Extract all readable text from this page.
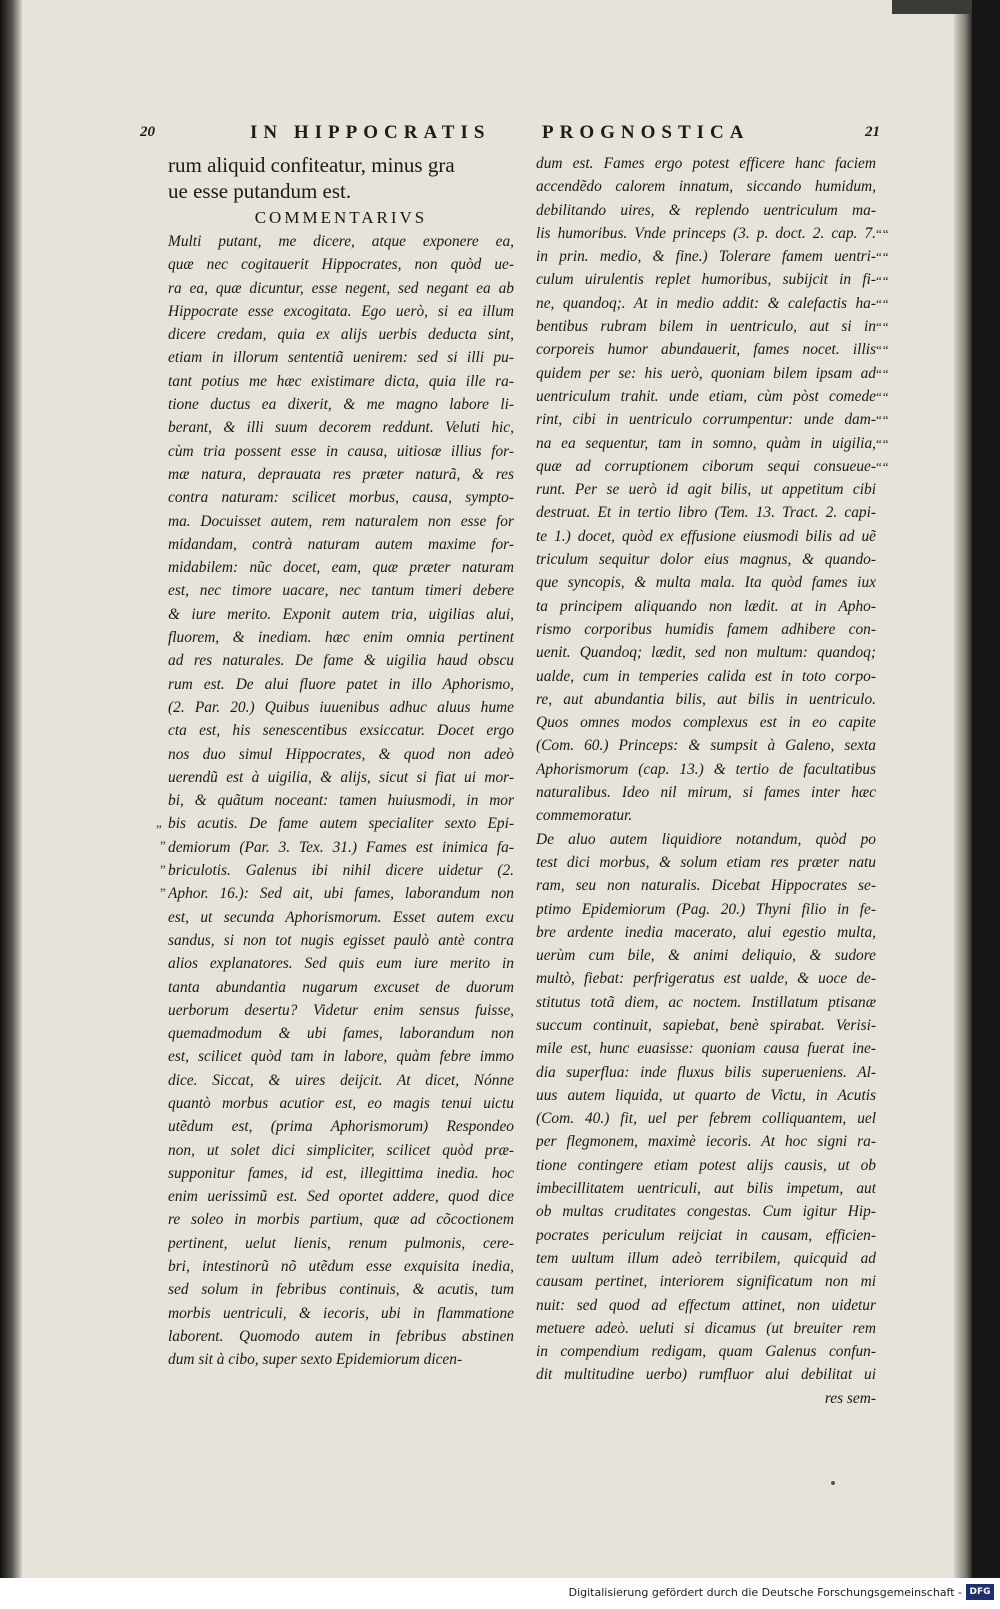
20	IN HIPPOCRATIS	PROGNOSTICA	21
rum aliquid confiteatur, minus gra
ue esse putandum est.
COMMENTARIVS
Multi putant, me dicere, atque exponere ea,
quæ nec cogitauerit Hippocrates, non quòd ue-
ra ea, quæ dicuntur, esse negent, sed negant ea ab
Hippocrate esse excogitata. Ego uerò, si ea illum
dicere credam, quia ex alijs uerbis deducta sint,
etiam in illorum sententiã uenirem: sed si illi pu-
tant potius me hæc existimare dicta, quia ille ra-
tione ductus ea dixerit, & me magno labore li-
berant, & illi suum decorem reddunt. Veluti hic,
cùm tria possent esse in causa, uitiosæ illius for-
mæ natura, deprauata res præter naturã, & res
contra naturam: scilicet morbus, causa, sympto-
ma. Docuisset autem, rem naturalem non esse for
midandam, contrà naturam autem maxime for-
midabilem: nũc docet, eam, quæ præter naturam
est, nec timore uacare, nec tantum timeri debere
& iure merito. Exponit autem tria, uigilias alui,
fluorem, & inediam. hæc enim omnia pertinent
ad res naturales. De fame & uigilia haud obscu
rum est. De alui fluore patet in illo Aphorismo,
(2. Par. 20.) Quibus iuuenibus adhuc aluus hume
cta est, his senescentibus exsiccatur. Docet ergo
nos duo simul Hippocrates, & quod non adeò
uerendũ est à uigilia, & alijs, sicut si fiat ui mor-
bi, & quãtum noceant: tamen huiusmodi, in mor
bis acutis. De fame autem specialiter sexto Epi-
demiorum (Par. 3. Tex. 31.) Fames est inimica fa-
briculotis. Galenus ibi nihil dicere uidetur (2.
Aphor. 16.): Sed ait, ubi fames, laborandum non
est, ut secunda Aphorismorum. Esset autem excu
sandus, si non tot nugis egisset paulò antè contra
alios explanatores. Sed quis eum iure merito in
tanta abundantia nugarum excuset de duorum
uerborum desertu? Videtur enim sensus fuisse,
quemadmodum & ubi fames, laborandum non
est, scilicet quòd tam in labore, quàm febre immo
dice. Siccat, & uires deijcit. At dicet, Nónne
quantò morbus acutior est, eo magis tenui uictu
utẽdum est, (prima Aphorismorum) Respondeo
non, ut solet dici simpliciter, scilicet quòd præ-
supponitur fames, id est, illegittima inedia. hoc
enim uerissimũ est. Sed oportet addere, quod dice
re soleo in morbis partium, quæ ad cõcoctionem
pertinent, uelut lienis, renum pulmonis, cere-
bri, intestinorũ nõ utẽdum esse exquisita inedia,
sed solum in febribus continuis, & acutis, tum
morbis uentriculi, & iecoris, ubi in flammatione
laborent. Quomodo autem in febribus abstinen
dum sit à cibo, super sexto Epidemiorum dicen-
dum est. Fames ergo potest efficere hanc faciem
accendẽdo calorem innatum, siccando humidum,
debilitando uires, & replendo uentriculum ma-
lis humoribus. Vnde princeps (3. p. doct. 2. cap. 7.
in prin. medio, & fine.) Tolerare famem uentri-
culum uirulentis replet humoribus, subijcit in fi-
ne, quandoq;. At in medio addit: & calefactis ha-
bentibus rubram bilem in uentriculo, aut si in
corporeis humor abundauerit, fames nocet. illis
quidem per se: his uerò, quoniam bilem ipsam ad
uentriculum trahit. unde etiam, cùm pòst comede
rint, cibi in uentriculo corrumpentur: unde dam-
na ea sequentur, tam in somno, quàm in uigilia,
quæ ad corruptionem ciborum sequi consueue-
runt. Per se uerò id agit bilis, ut appetitum cibi
destruat. Et in tertio libro (Tem. 13. Tract. 2. capi-
te 1.) docet, quòd ex effusione eiusmodi bilis ad uẽ
triculum sequitur dolor eius magnus, & quando-
que syncopis, & multa mala. Ita quòd fames iux
ta principem aliquando non lædit. at in Apho-
rismo corporibus humidis famem adhibere con-
uenit. Quandoq; lædit, sed non multum: quandoq;
ualde, cum in temperies calida est in toto corpo-
re, aut abundantia bilis, aut bilis in uentriculo.
Quos omnes modos complexus est in eo capite
(Com. 60.) Princeps: & sumpsit à Galeno, sexta
Aphorismorum (cap. 13.) & tertio de facultatibus
naturalibus. Ideo nil mirum, si fames inter hæc
commemoratur.
De aluo autem liquidiore notandum, quòd po
test dici morbus, & solum etiam res præter natu
ram, seu non naturalis. Dicebat Hippocrates se-
ptimo Epidemiorum (Pag. 20.) Thyni filio in fe-
bre ardente inedia macerato, alui egestio multa,
uerùm cum bile, & animi deliquio, & sudore
multò, fiebat: perfrigeratus est ualde, & uoce de-
stitutus totã diem, ac noctem. Instillatum ptisanæ
succum continuit, sapiebat, benè spirabat. Verisi-
mile est, hunc euasisse: quoniam causa fuerat ine-
dia superflua: inde fluxus bilis superueniens. Al-
uus autem liquida, ut quarto de Victu, in Acutis
(Com. 40.) fit, uel per febrem colliquantem, uel
per flegmonem, maximè iecoris. At hoc signi ra-
tione contingere etiam potest alijs causis, ut ob
imbecillitatem uentriculi, aut bilis impetum, aut
ob multas cruditates congestas. Cum igitur Hip-
pocrates periculum reijciat in causam, efficien-
tem uultum illum adeò terribilem, quicquid ad
causam pertinet, interiorem significatum non mi
nuit: sed quod ad effectum attinet, non uidetur
metuere adeò. ueluti si dicamus (ut breuiter rem
in compendium redigam, quam Galenus confun-
dit multitudine uerbo) rumfluor alui debilitat ui
res sem-
„
”
”
”
““
““
““
““
““
““
““
““
““
““
““
Digitalisierung gefördert durch die Deutsche Forschungsgemeinschaft - DFG
